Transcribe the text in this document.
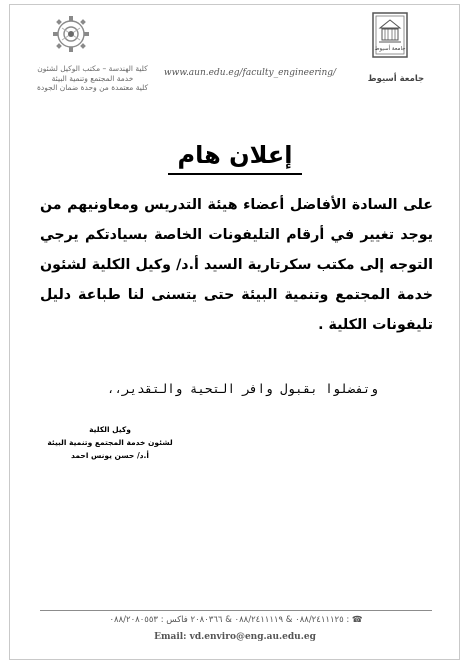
جامعة أسيوط
كلية الهندسة – مكتب الوكيل لشئون
خدمة المجتمع وتنمية البيئة
كلية معتمدة من وحدة ضمان الجودة
www.aun.edu.eg/faculty_engineering/
جامعة أسيوط
إعلان هام
على السادة الأفاضل أعضاء هيئة التدريس ومعاونيهم من يوجد تغيير في أرقام التليفونات الخاصة بسيادتكم يرجي التوجه إلى مكتب سكرتارية السيد أ.د/ وكيل الكلية لشئون خدمة المجتمع وتنمية البيئة حتى يتسنى لنا طباعة دليل تليفونات الكلية .
وتفضلوا بقبول وافر التحية والتقدير،،
وكيل الكلية
لشئون خدمة المجتمع وتنمية البيئة
أ.د/ حسن يونس احمد
☎ : ٠٨٨/٢٤١١١٢٥ & ٠٨٨/٢٤١١١١٩ & ٢٠٨٠٣٦٦ فاكس : ٠٨٨/٢٠٨٠٥٥٣
Email: vd.enviro@eng.au.edu.eg
